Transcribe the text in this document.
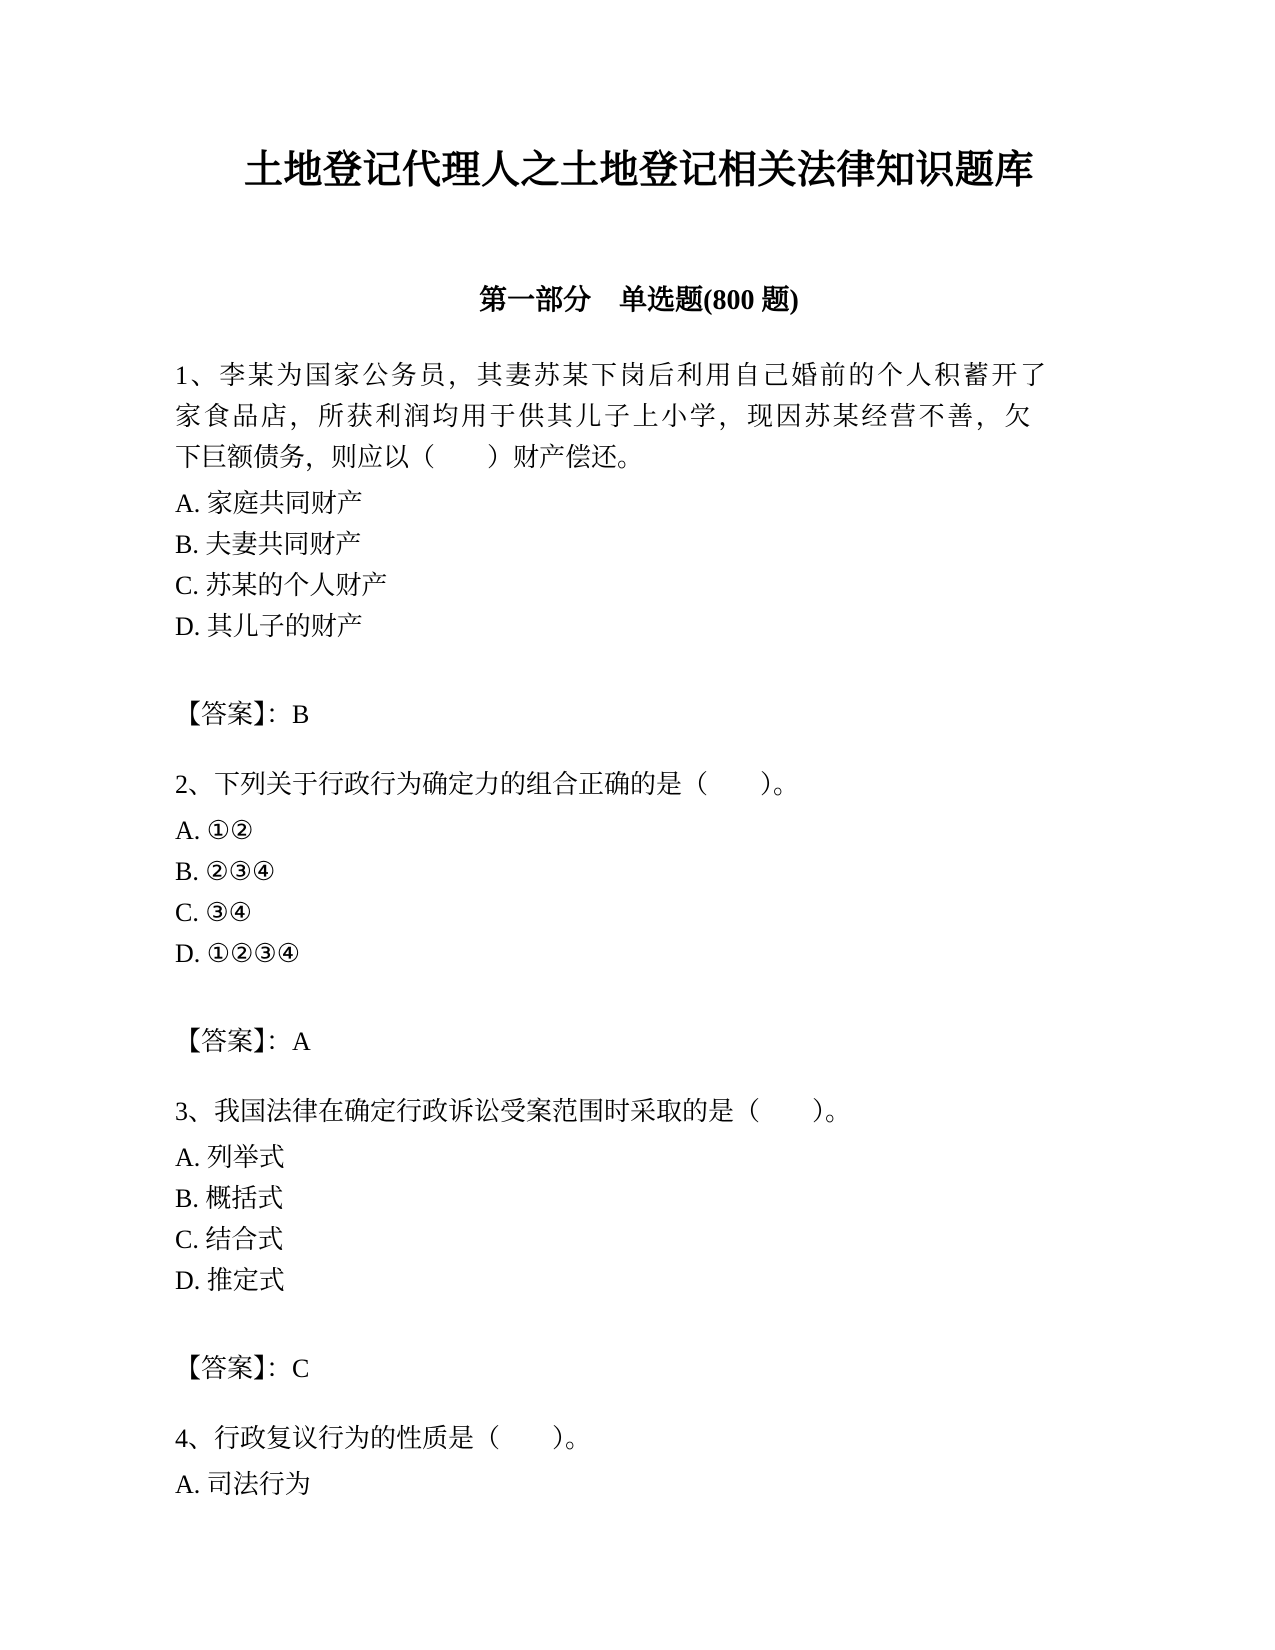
土地登记代理人之土地登记相关法律知识题库
第一部分　单选题(800 题)
1、李某为国家公务员，其妻苏某下岗后利用自己婚前的个人积蓄开了
家食品店，所获利润均用于供其儿子上小学，现因苏某经营不善，欠
下巨额债务，则应以（　　）财产偿还。
A. 家庭共同财产
B. 夫妻共同财产
C. 苏某的个人财产
D. 其儿子的财产
【答案】：B
2、下列关于行政行为确定力的组合正确的是（　　）。
A. ①②
B. ②③④
C. ③④
D. ①②③④
【答案】：A
3、我国法律在确定行政诉讼受案范围时采取的是（　　）。
A. 列举式
B. 概括式
C. 结合式
D. 推定式
【答案】：C
4、行政复议行为的性质是（　　）。
A. 司法行为
